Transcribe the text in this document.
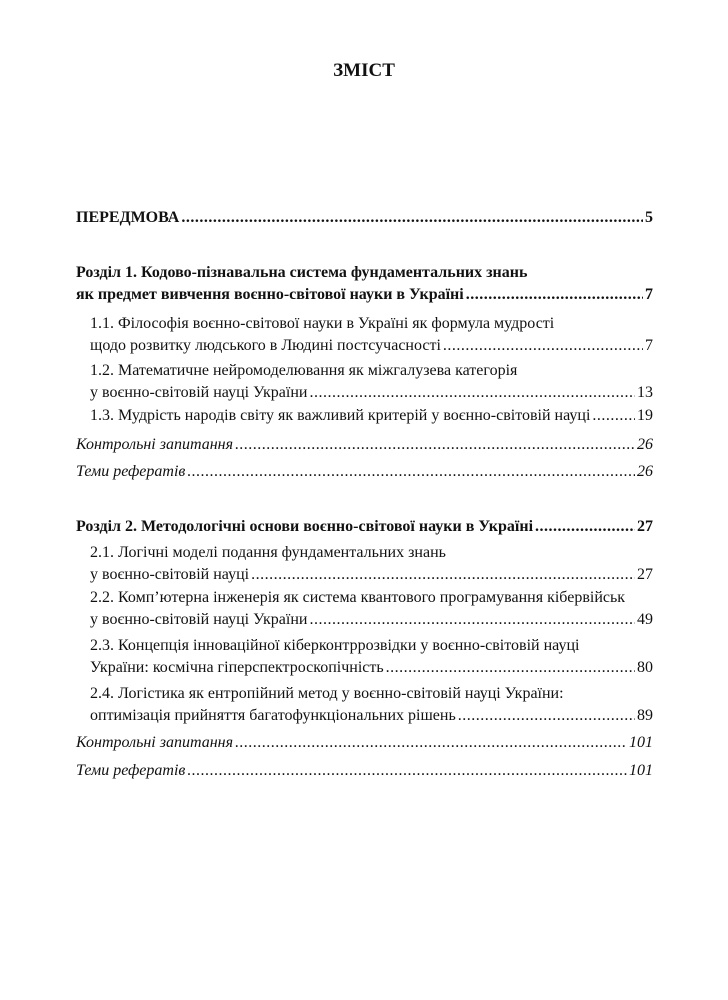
ЗМІСТ
ПЕРЕДМОВА .....	5
Розділ 1. Кодово-пізнавальна система фундаментальних знань
як предмет вивчення воєнно-світової науки в Україні .....	7
1.1. Філософія воєнно-світової науки в Україні як формула мудрості
щодо розвитку людського в Людині постсучасності .....	7
1.2. Математичне нейромоделювання як міжгалузева категорія
у воєнно-світовій науці України .....	13
1.3. Мудрість народів світу як важливий критерій у воєнно-світовій науці .....	19
Контрольні запитання .....	26
Теми рефератів .....	26
Розділ 2. Методологічні основи воєнно-світової науки в Україні .....	27
2.1. Логічні моделі подання фундаментальних знань
у воєнно-світовій науці .....	27
2.2. Комп’ютерна інженерія як система квантового програмування кібервійськ
у воєнно-світовій науці України .....	49
2.3. Концепція інноваційної кіберконтррозвідки у воєнно-світовій науці
України: космічна гіперспектроскопічність .....	80
2.4. Логістика як ентропійний метод у воєнно-світовій науці України:
оптимізація прийняття багатофункціональних рішень .....	89
Контрольні запитання .....	101
Теми рефератів .....	101
